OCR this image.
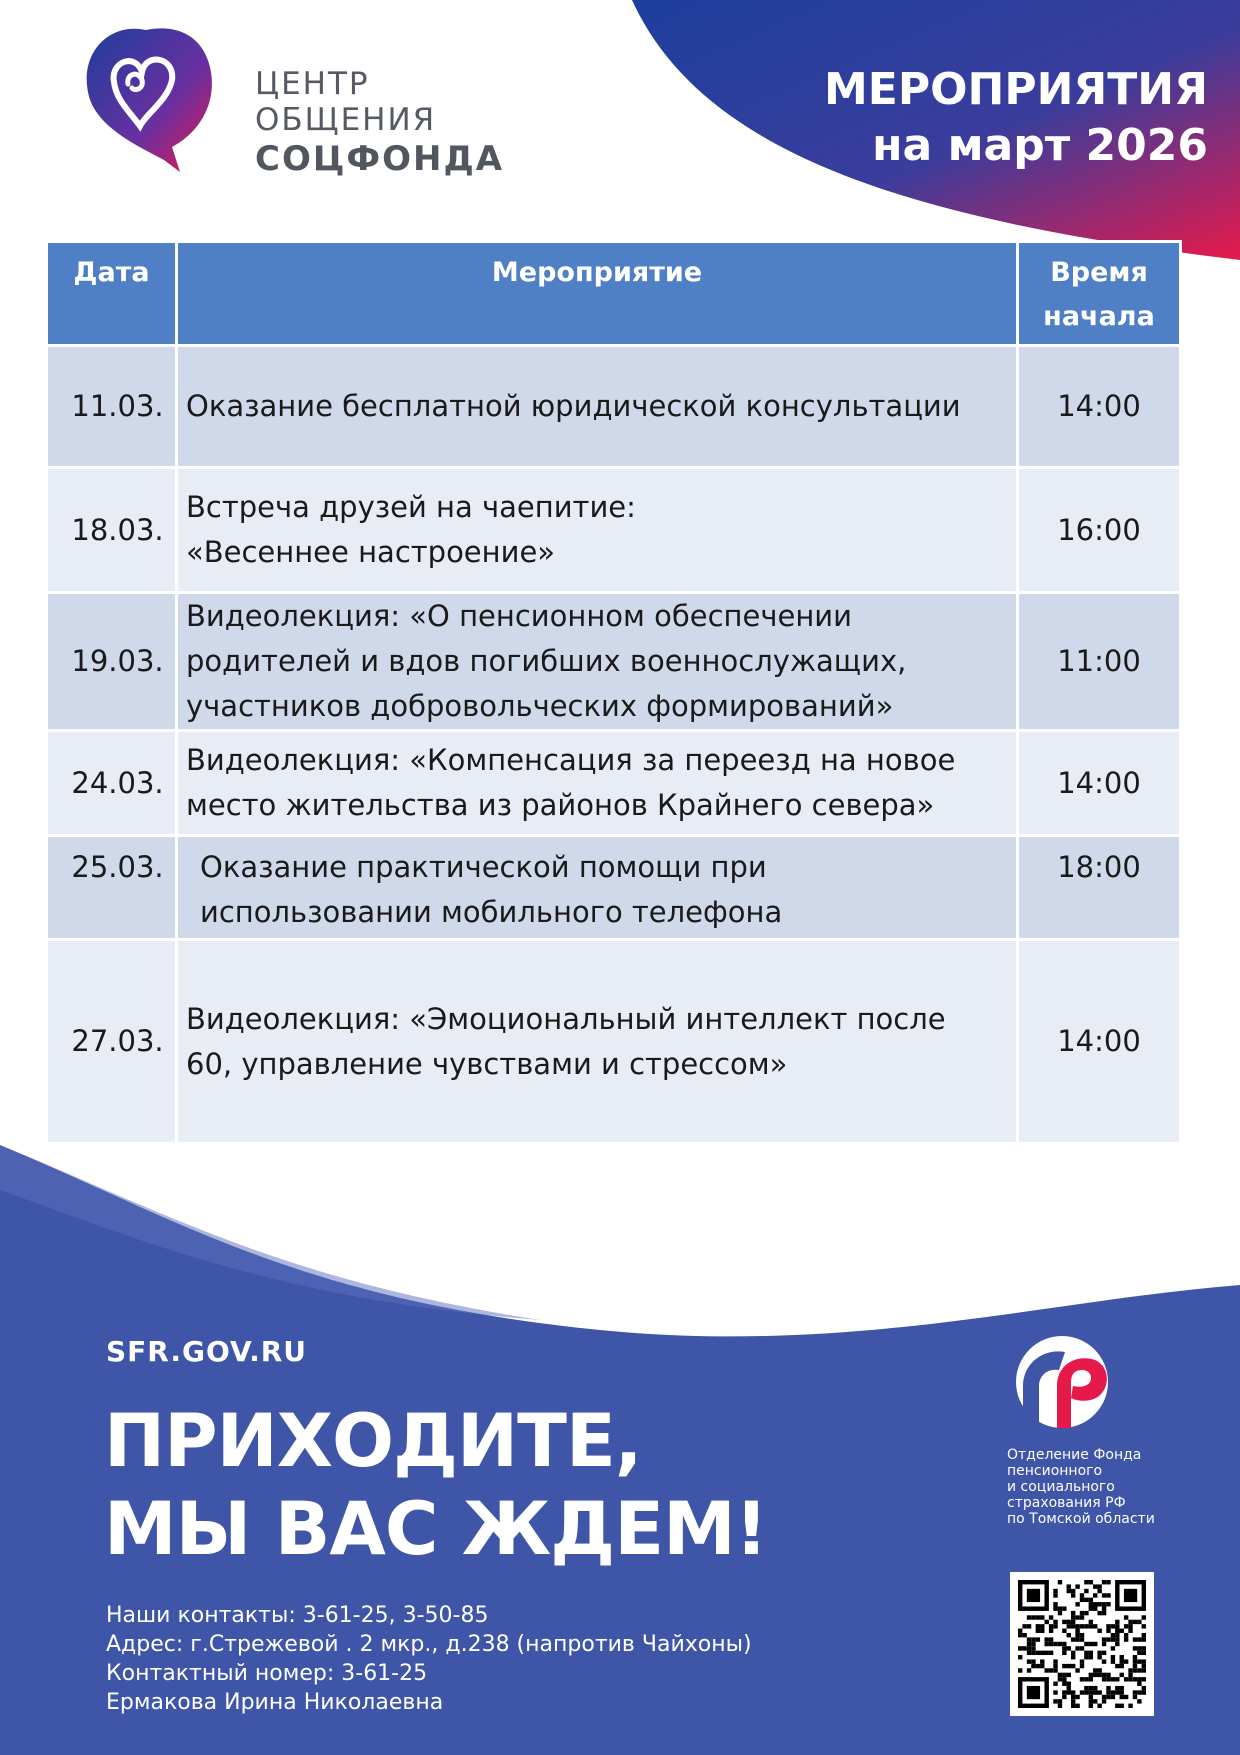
ЦЕНТР
ОБЩЕНИЯ
СОЦФОНДА
МЕРОПРИЯТИЯ
на март 2026
Дата	Мероприятие	Время
начала
11.03.	Оказание бесплатной юридической консультации	14:00
18.03.	Встреча друзей на чаепитие:
«Весеннее настроение»	16:00
19.03.	Видеолекция: «О пенсионном обеспечении
родителей и вдов погибших военнослужащих,
участников добровольческих формирований»	11:00
24.03.	Видеолекция: «Компенсация за переезд на новое
место жительства из районов Крайнего севера»	14:00
25.03.	Оказание практической помощи при
использовании мобильного телефона	18:00
27.03.	Видеолекция: «Эмоциональный интеллект после
60, управление чувствами и стрессом»	14:00
SFR.GOV.RU
ПРИХОДИТЕ,
МЫ ВАС ЖДЕМ!
Наши контакты: 3-61-25, 3-50-85
Адрес: г.Стрежевой . 2 мкр., д.238 (напротив Чайхоны)
Контактный номер: 3-61-25
Ермакова Ирина Николаевна
Отделение Фонда
пенсионного
и социального
страхования РФ
по Томской области
